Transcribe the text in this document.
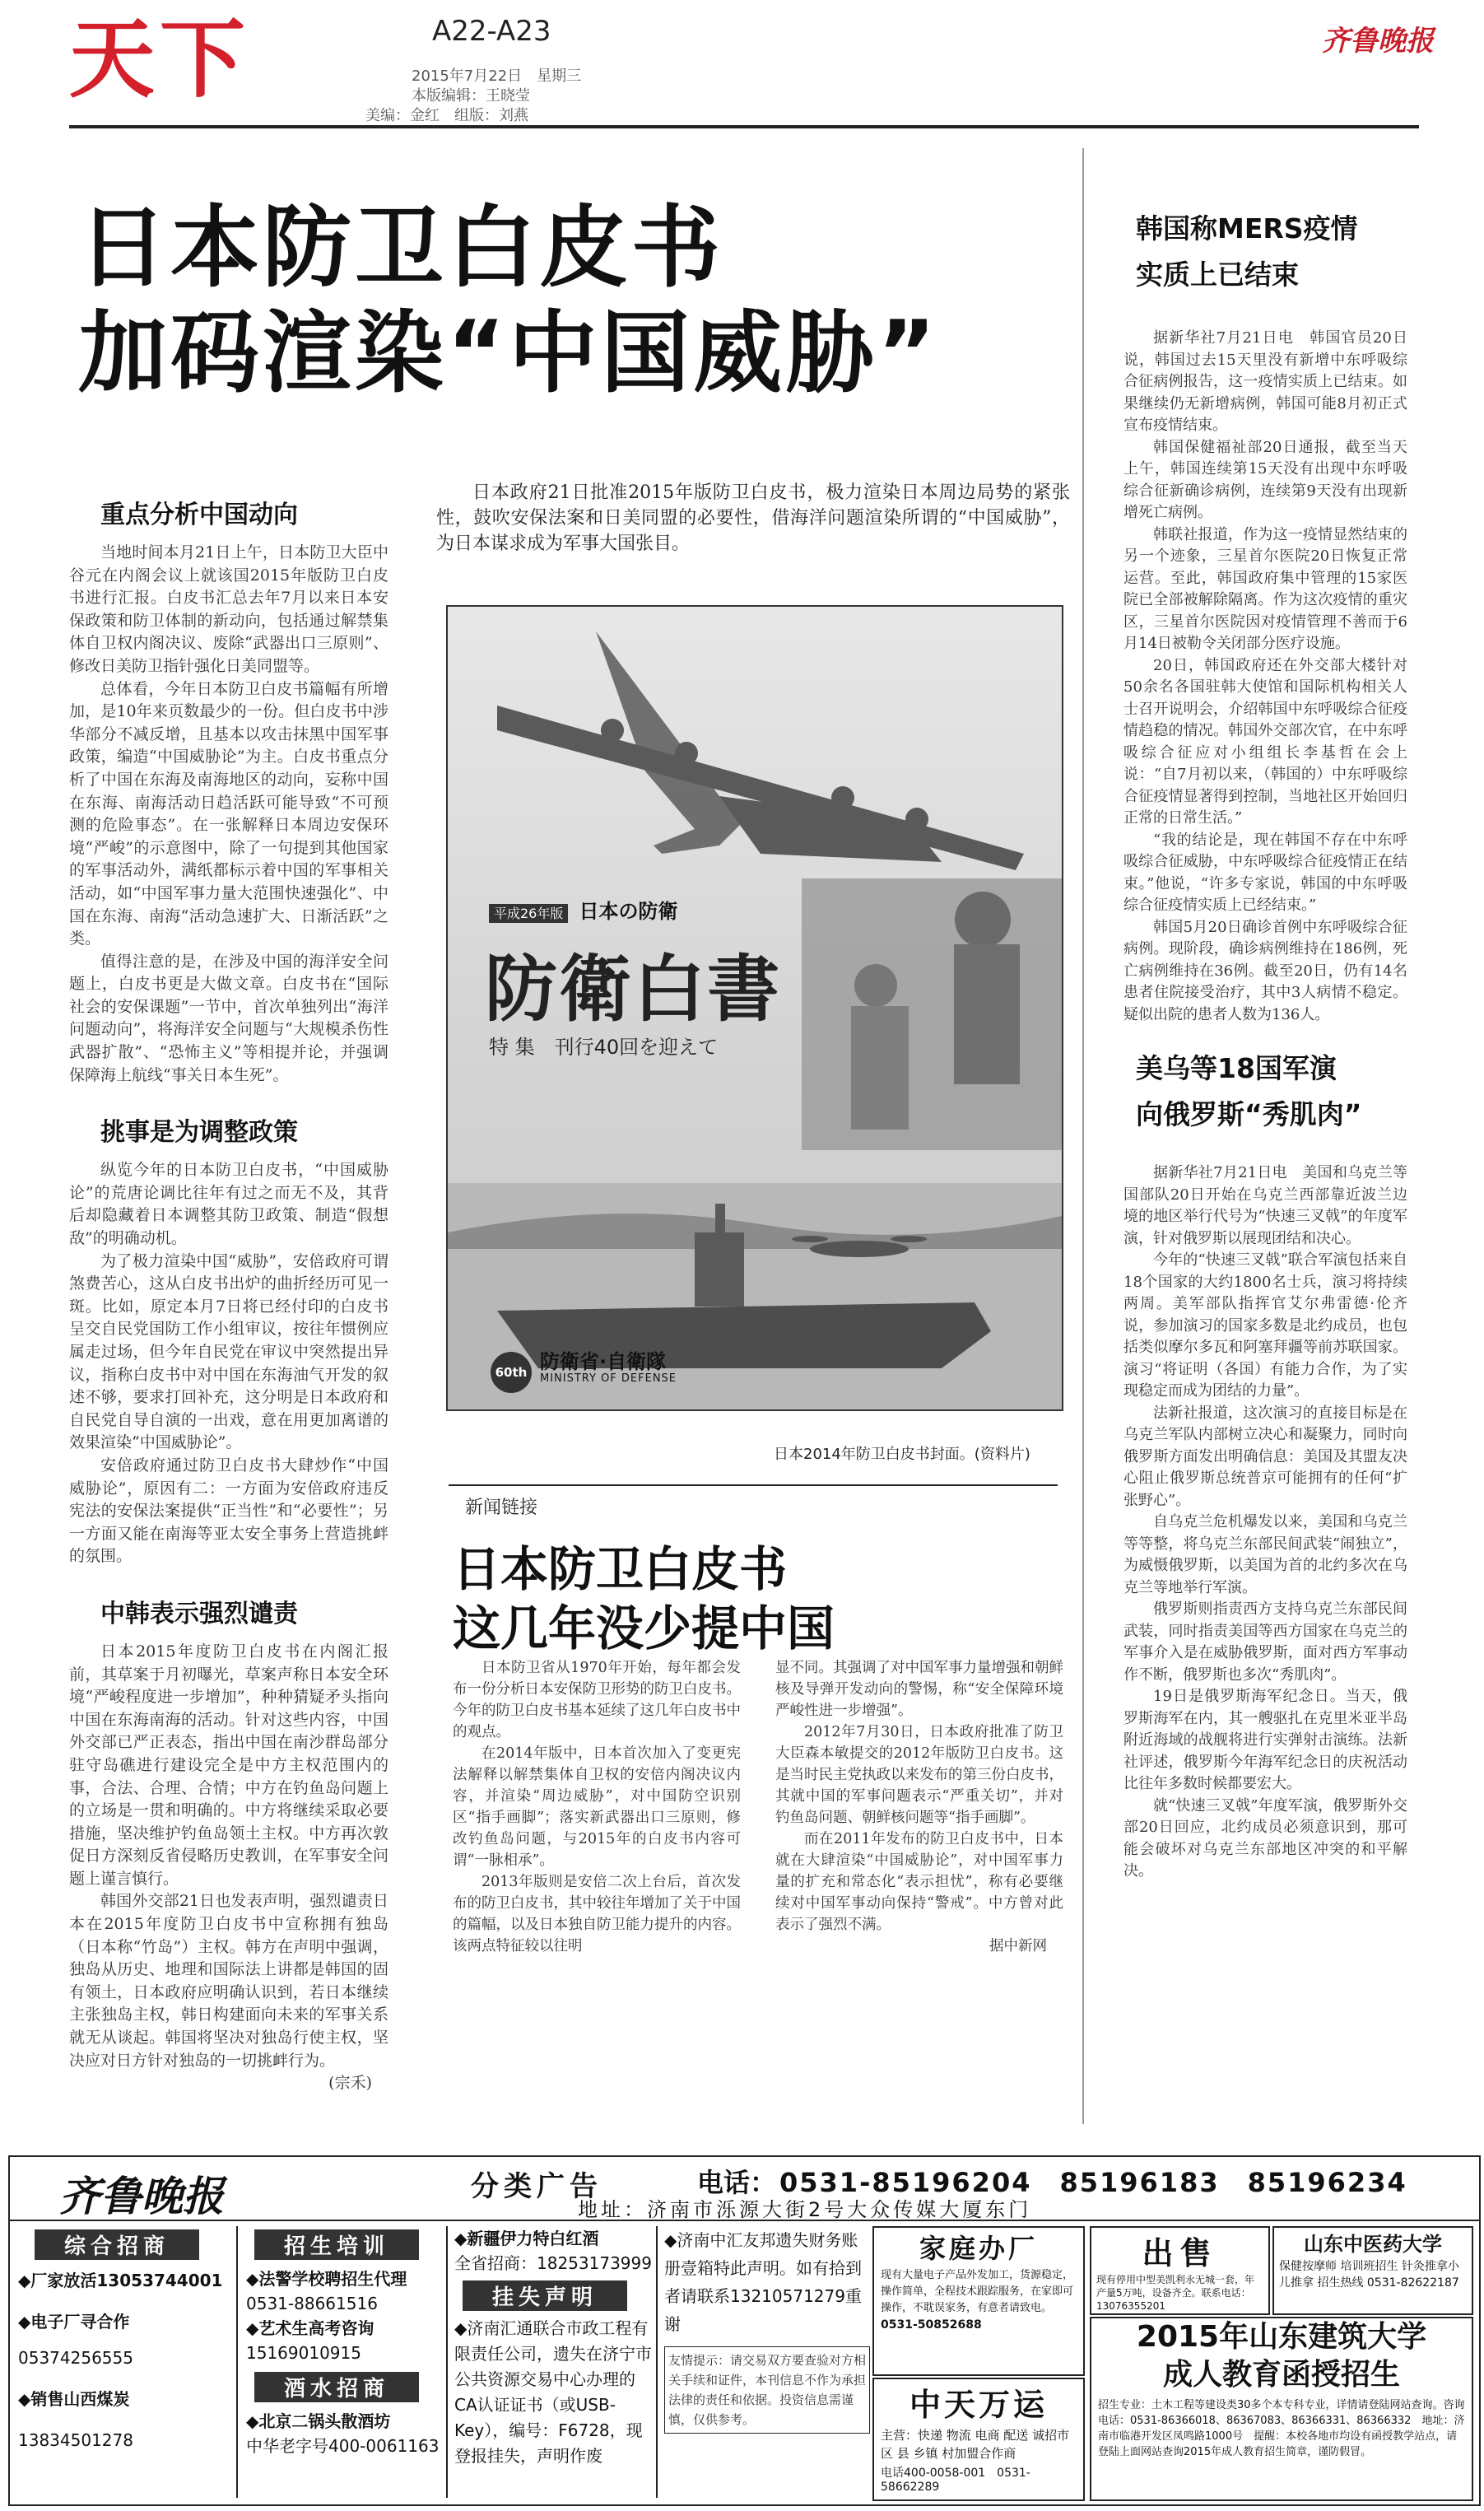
天下	A22-A23
2015年7月22日　星期三
本版编辑：王晓莹
美编：金红　组版：刘燕
齐鲁晚报
日本防卫白皮书
加码渲染“中国威胁”
重点分析中国动向

当地时间本月21日上午，日本防卫大臣中谷元在内阁会议上就该国2015年版防卫白皮书进行汇报。白皮书汇总去年7月以来日本安保政策和防卫体制的新动向，包括通过解禁集体自卫权内阁决议、废除“武器出口三原则”、修改日美防卫指针强化日美同盟等。

总体看，今年日本防卫白皮书篇幅有所增加，是10年来页数最少的一份。但白皮书中涉华部分不减反增，且基本以攻击抹黑中国军事政策，编造“中国威胁论”为主。白皮书重点分析了中国在东海及南海地区的动向，妄称中国在东海、南海活动日趋活跃可能导致“不可预测的危险事态”。在一张解释日本周边安保环境“严峻”的示意图中，除了一句提到其他国家的军事活动外，满纸都标示着中国的军事相关活动，如“中国军事力量大范围快速强化”、中国在东海、南海“活动急速扩大、日渐活跃”之类。

值得注意的是，在涉及中国的海洋安全问题上，白皮书更是大做文章。白皮书在“国际社会的安保课题”一节中，首次单独列出“海洋问题动向”，将海洋安全问题与“大规模杀伤性武器扩散”、“恐怖主义”等相提并论，并强调保障海上航线“事关日本生死”。

挑事是为调整政策

纵览今年的日本防卫白皮书，“中国威胁论”的荒唐论调比往年有过之而无不及，其背后却隐藏着日本调整其防卫政策、制造“假想敌”的明确动机。

为了极力渲染中国“威胁”，安倍政府可谓煞费苦心，这从白皮书出炉的曲折经历可见一斑。比如，原定本月7日将已经付印的白皮书呈交自民党国防工作小组审议，按往年惯例应属走过场，但今年自民党在审议中突然提出异议，指称白皮书中对中国在东海油气开发的叙述不够，要求打回补充，这分明是日本政府和自民党自导自演的一出戏，意在用更加离谱的效果渲染“中国威胁论”。

安倍政府通过防卫白皮书大肆炒作“中国威胁论”，原因有二：一方面为安倍政府违反宪法的安保法案提供“正当性”和“必要性”；另一方面又能在南海等亚太安全事务上营造挑衅的氛围。

中韩表示强烈谴责

日本2015年度防卫白皮书在内阁汇报前，其草案于月初曝光，草案声称日本安全环境“严峻程度进一步增加”，种种猜疑矛头指向中国在东海南海的活动。针对这些内容，中国外交部已严正表态，指出中国在南沙群岛部分驻守岛礁进行建设完全是中方主权范围内的事，合法、合理、合情；中方在钓鱼岛问题上的立场是一贯和明确的。中方将继续采取必要措施，坚决维护钓鱼岛领土主权。中方再次敦促日方深刻反省侵略历史教训，在军事安全问题上谨言慎行。

韩国外交部21日也发表声明，强烈谴责日本在2015年度防卫白皮书中宣称拥有独岛（日本称“竹岛”）主权。韩方在声明中强调，独岛从历史、地理和国际法上讲都是韩国的固有领土，日本政府应明确认识到，若日本继续主张独岛主权，韩日构建面向未来的军事关系就无从谈起。韩国将坚决对独岛行使主权，坚决应对日方针对独岛的一切挑衅行为。

(宗禾)
日本政府21日批准2015年版防卫白皮书，极力渲染日本周边局势的紧张性，鼓吹安保法案和日美同盟的必要性，借海洋问题渲染所谓的“中国威胁”，为日本谋求成为军事大国张目。
平成26年版 日本の防衛
防衛白書
特 集　刊行40回を迎えて
60th 防衛省·自衛隊
MINISTRY OF DEFENSE
日本2014年防卫白皮书封面。(资料片)
新闻链接
日本防卫白皮书
这几年没少提中国

日本防卫省从1970年开始，每年都会发布一份分析日本安保防卫形势的防卫白皮书。今年的防卫白皮书基本延续了这几年白皮书中的观点。

在2014年版中，日本首次加入了变更宪法解释以解禁集体自卫权的安倍内阁决议内容，并渲染“周边威胁”，对中国防空识别区“指手画脚”；落实新武器出口三原则，修改钓鱼岛问题，与2015年的白皮书内容可谓“一脉相承”。

2013年版则是安倍二次上台后，首次发布的防卫白皮书，其中较往年增加了关于中国的篇幅，以及日本独自防卫能力提升的内容。该两点特征较以往明

显不同。其强调了对中国军事力量增强和朝鲜核及导弹开发动向的警惕，称“安全保障环境严峻性进一步增强”。

2012年7月30日，日本政府批准了防卫大臣森本敏提交的2012年版防卫白皮书。这是当时民主党执政以来发布的第三份白皮书，其就中国的军事问题表示“严重关切”，并对钓鱼岛问题、朝鲜核问题等“指手画脚”。

而在2011年发布的防卫白皮书中，日本就在大肆渲染“中国威胁论”，对中国军事力量的扩充和常态化“表示担忧”，称有必要继续对中国军事动向保持“警戒”。中方曾对此表示了强烈不满。

据中新网
韩国称MERS疫情
实质上已结束

据新华社7月21日电　韩国官员20日说，韩国过去15天里没有新增中东呼吸综合征病例报告，这一疫情实质上已结束。如果继续仍无新增病例，韩国可能8月初正式宣布疫情结束。

韩国保健福祉部20日通报，截至当天上午，韩国连续第15天没有出现中东呼吸综合征新确诊病例，连续第9天没有出现新增死亡病例。

韩联社报道，作为这一疫情显然结束的另一个迹象，三星首尔医院20日恢复正常运营。至此，韩国政府集中管理的15家医院已全部被解除隔离。作为这次疫情的重灾区，三星首尔医院因对疫情管理不善而于6月14日被勒令关闭部分医疗设施。

20日，韩国政府还在外交部大楼针对50余名各国驻韩大使馆和国际机构相关人士召开说明会，介绍韩国中东呼吸综合征疫情趋稳的情况。韩国外交部次官，在中东呼吸综合征应对小组组长李基哲在会上说：“自7月初以来，（韩国的）中东呼吸综合征疫情显著得到控制，当地社区开始回归正常的日常生活。”

“我的结论是，现在韩国不存在中东呼吸综合征威胁，中东呼吸综合征疫情正在结束。”他说，“许多专家说，韩国的中东呼吸综合征疫情实质上已经结束。”

韩国5月20日确诊首例中东呼吸综合征病例。现阶段，确诊病例维持在186例，死亡病例维持在36例。截至20日，仍有14名患者住院接受治疗，其中3人病情不稳定。疑似出院的患者人数为136人。

美乌等18国军演
向俄罗斯“秀肌肉”

据新华社7月21日电　美国和乌克兰等国部队20日开始在乌克兰西部靠近波兰边境的地区举行代号为“快速三叉戟”的年度军演，针对俄罗斯以展现团结和决心。

今年的“快速三叉戟”联合军演包括来自18个国家的大约1800名士兵，演习将持续两周。美军部队指挥官艾尔弗雷德·伦齐说，参加演习的国家多数是北约成员，也包括类似摩尔多瓦和阿塞拜疆等前苏联国家。演习“将证明（各国）有能力合作，为了实现稳定而成为团结的力量”。

法新社报道，这次演习的直接目标是在乌克兰军队内部树立决心和凝聚力，同时向俄罗斯方面发出明确信息：美国及其盟友决心阻止俄罗斯总统普京可能拥有的任何“扩张野心”。

自乌克兰危机爆发以来，美国和乌克兰等等整，将乌克兰东部民间武装“闹独立”，为威慑俄罗斯，以美国为首的北约多次在乌克兰等地举行军演。

俄罗斯则指责西方支持乌克兰东部民间武装，同时指责美国等西方国家在乌克兰的军事介入是在威胁俄罗斯，面对西方军事动作不断，俄罗斯也多次“秀肌肉”。

19日是俄罗斯海军纪念日。当天，俄罗斯海军在内，其一艘驱扎在克里米亚半岛附近海域的战舰将进行实弹射击演练。法新社评述，俄罗斯今年海军纪念日的庆祝活动比往年多数时候都要宏大。

就“快速三叉戟”年度军演，俄罗斯外交部20日回应，北约成员必须意识到，那可能会破坏对乌克兰东部地区冲突的和平解决。

齐鲁晚报	分类广告	电话： 0531-85196204　85196183　85196234
地址：济南市泺源大街2号大众传媒大厦东门
综合招商
◆厂家放活13053744001
◆电子厂寻合作
05374256555
◆销售山西煤炭
13834501278
招生培训
◆法警学校聘招生代理
0531-88661516
◆艺术生高考咨询
15169010915
酒水招商
◆北京二锅头散酒坊
中华老字号400-0061163
◆新疆伊力特白红酒
全省招商：18253173999
挂失声明
◆济南汇通联合市政工程有限责任公司，遗失在济宁市公共资源交易中心办理的CA认证证书（或USB-Key），编号：F6728，现登报挂失，声明作废
◆济南中汇友邦遗失财务账册壹箱特此声明。如有拾到者请联系13210571279重谢
友情提示：请交易双方要查验对方相关手续和证件，本刊信息不作为承担法律的责任和依据。投资信息需谨慎，仅供参考。
家庭办厂
现有大量电子产品外发加工，货源稳定，操作简单，全程技术跟踪服务，在家即可操作，不耽误家务，有意者请致电。
0531-50852688
中天万运
主营：快递 物流 电商 配送 诚招市 区 县 乡镇 村加盟合作商
电话400-0058-001　0531-58662289
出售
现有停用中型美凯利永无城一套，年产量5万吨，设备齐全。联系电话：13076355201
山东中医药大学
保健按摩师 培训班招生 针灸推拿小儿推拿 招生热线 0531-82622187
2015年山东建筑大学
成人教育函授招生
招生专业：土木工程等建设类30多个本专科专业，详情请登陆网站查询。咨询电话：0531-86366018、86367083、86366331、86366332　地址：济南市临港开发区凤鸣路1000号　提醒：本校各地市均设有函授教学站点，请登陆上面网站查询2015年成人教育招生简章，谨防假冒。
